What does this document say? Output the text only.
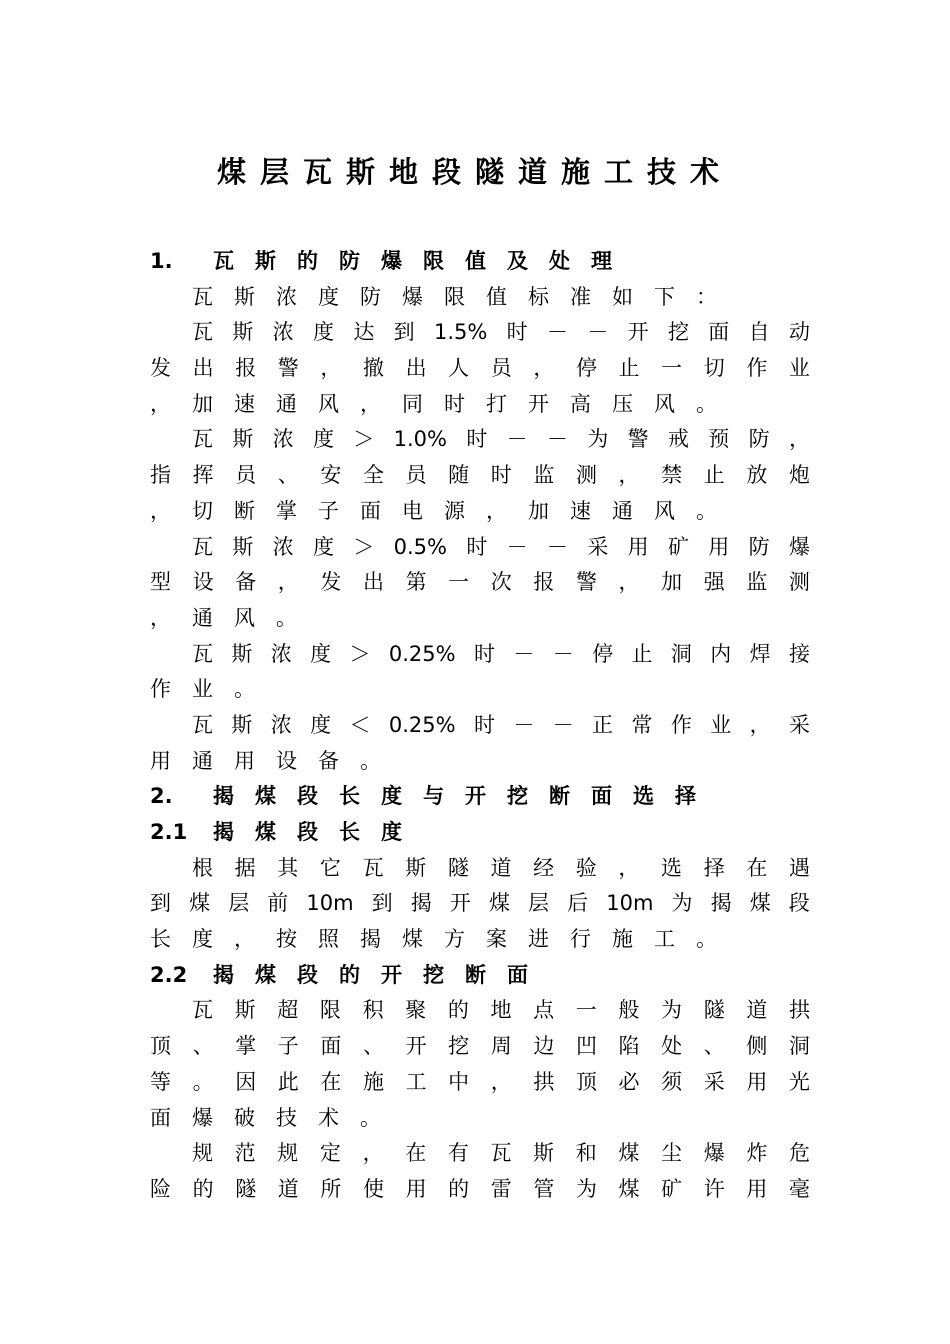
煤层瓦斯地段隧道施工技术
1.	瓦 斯 的 防 爆 限 值 及 处 理
瓦 斯 浓 度 防 爆 限 值 标 准 如 下 ：
瓦 斯 浓 度 达 到 1.5% 时 － － 开 挖 面 自 动
发 出 报 警 ， 撤 出 人 员 ， 停 止 一 切 作 业
， 加 速 通 风 ， 同 时 打 开 高 压 风 。
瓦 斯 浓 度 ＞ 1.0% 时 － － 为 警 戒 预 防 ，
指 挥 员 、 安 全 员 随 时 监 测 ， 禁 止 放 炮
， 切 断 掌 子 面 电 源 ， 加 速 通 风 。
瓦 斯 浓 度 ＞ 0.5% 时 － － 采 用 矿 用 防 爆
型 设 备 ， 发 出 第 一 次 报 警 ， 加 强 监 测
， 通 风 。
瓦 斯 浓 度 ＞ 0.25% 时 － － 停 止 洞 内 焊 接
作 业 。
瓦 斯 浓 度 ＜ 0.25% 时 － － 正 常 作 业 ， 采
用 通 用 设 备 。
2.	揭 煤 段 长 度 与 开 挖 断 面 选 择
2.1 揭 煤 段 长 度
根 据 其 它 瓦 斯 隧 道 经 验 ， 选 择 在 遇
到 煤 层 前 10m 到 揭 开 煤 层 后 10m 为 揭 煤 段
长 度 ， 按 照 揭 煤 方 案 进 行 施 工 。
2.2 揭 煤 段 的 开 挖 断 面
瓦 斯 超 限 积 聚 的 地 点 一 般 为 隧 道 拱
顶 、 掌 子 面 、 开 挖 周 边 凹 陷 处 、 侧 洞
等 。 因 此 在 施 工 中 ， 拱 顶 必 须 采 用 光
面 爆 破 技 术 。
规 范 规 定 ， 在 有 瓦 斯 和 煤 尘 爆 炸 危
险 的 隧 道 所 使 用 的 雷 管 为 煤 矿 许 用 毫
